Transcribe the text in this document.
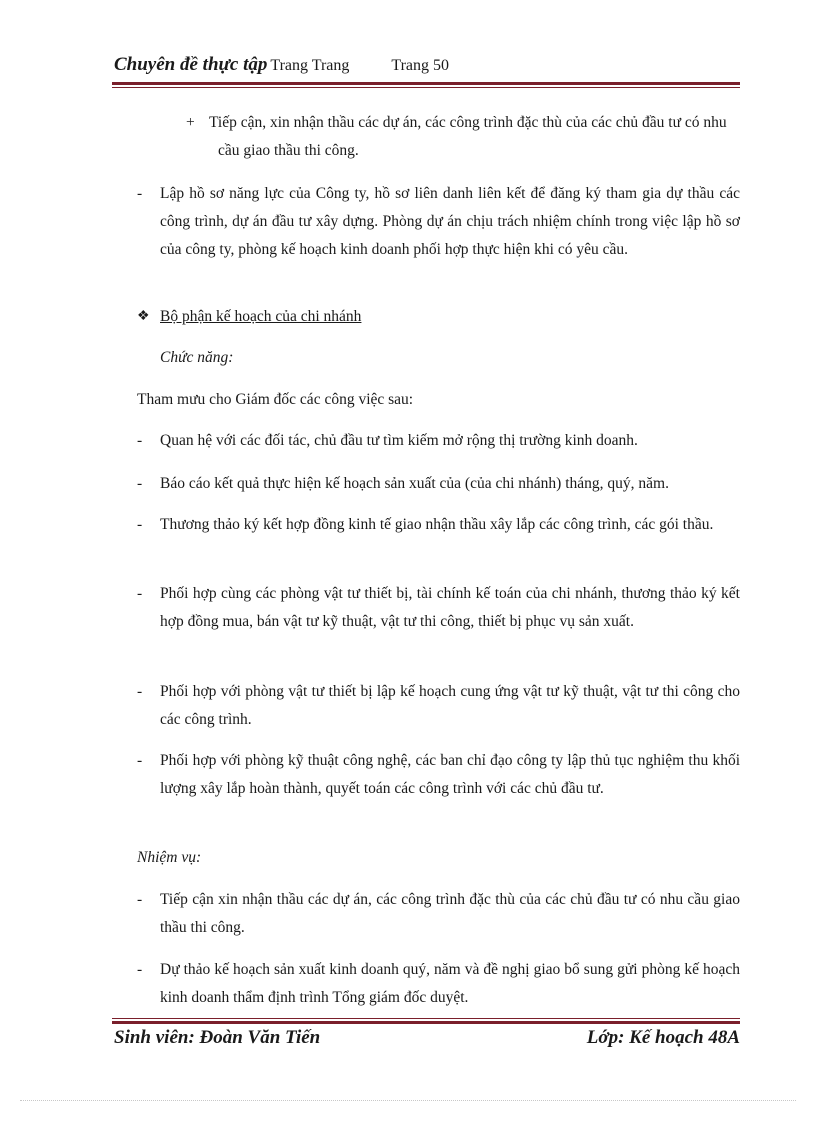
Chuyên đề thực tập Trang Trang	Trang 50
+ Tiếp cận, xin nhận thầu các dự án, các công trình đặc thù của các chủ đầu tư có nhu cầu giao thầu thi công.
- Lập hồ sơ năng lực của Công ty, hồ sơ liên danh liên kết để đăng ký tham gia dự thầu các công trình, dự án đầu tư xây dựng. Phòng dự án chịu trách nhiệm chính trong việc lập hồ sơ của công ty, phòng kế hoạch kinh doanh phối hợp thực hiện khi có yêu cầu.
❖ Bộ phận kế hoạch của chi nhánh
Chức năng:
Tham mưu cho Giám đốc các công việc sau:
- Quan hệ với các đối tác, chủ đầu tư tìm kiếm mở rộng thị trường kinh doanh.
- Báo cáo kết quả thực hiện kế hoạch sản xuất của (của chi nhánh) tháng, quý, năm.
- Thương thảo ký kết hợp đồng kinh tế giao nhận thầu xây lắp các công trình, các gói thầu.
- Phối hợp cùng các phòng vật tư thiết bị, tài chính kế toán của chi nhánh, thương thảo ký kết hợp đồng mua, bán vật tư kỹ thuật, vật tư thi công, thiết bị phục vụ sản xuất.
- Phối hợp với phòng vật tư thiết bị lập kế hoạch cung ứng vật tư kỹ thuật, vật tư thi công cho các công trình.
- Phối hợp với phòng kỹ thuật công nghệ, các ban chỉ đạo công ty lập thủ tục nghiệm thu khối lượng xây lắp hoàn thành, quyết toán các công trình với các chủ đầu tư.
Nhiệm vụ:
- Tiếp cận xin nhận thầu các dự án, các công trình đặc thù của các chủ đầu tư có nhu cầu giao thầu thi công.
- Dự thảo kế hoạch sản xuất kinh doanh quý, năm và đề nghị giao bổ sung gửi phòng kế hoạch kinh doanh thẩm định trình Tổng giám đốc duyệt.
Sinh viên: Đoàn Văn Tiến	Lớp: Kế hoạch 48A
